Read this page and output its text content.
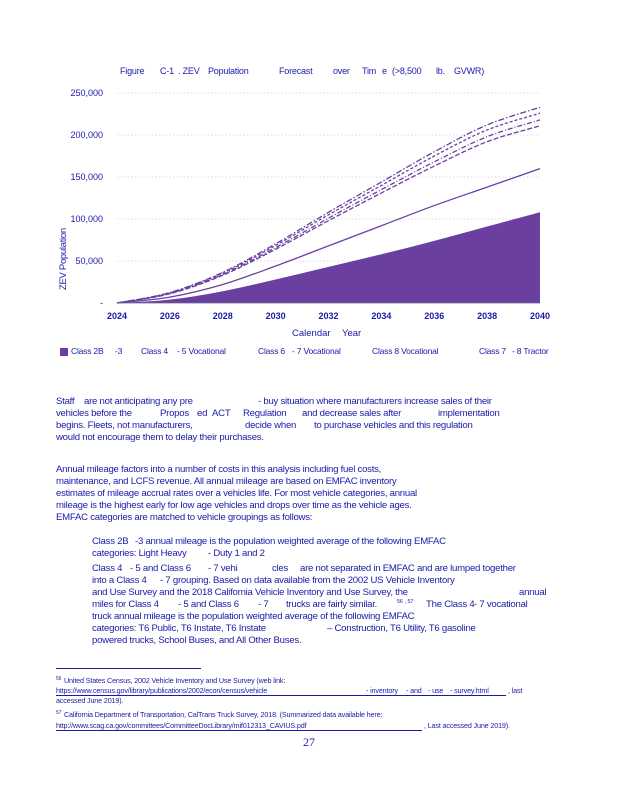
Figure C-1 . ZEV Population	Forecast over Tim e (>8,500 lb. GVWR)
-
50,000
100,000
150,000
200,000
250,000
2024	2026	2028	2030	2032	2034	2036	2038	2040
ZEV Population
Calendar Year
Class 2B -3 Class 4 - 5 Vocational	Class 6 - 7 Vocational	Class 8 Vocational	Class 7 - 8 Tractor
Staff are not anticipating any pre	- buy situation where manufacturers increase sales of their
vehicles before the	Propos ed ACT Regulation and decrease sales after	implementation
begins. Fleets, not manufacturers,	decide when to purchase vehicles and this regulation
would not encourage them to delay their purchases.
Annual mileage factors into a number of costs in this analysis including fuel costs,
maintenance, and LCFS revenue. All annual mileage are based on EMFAC inventory
estimates of mileage accrual rates over a vehicles life. For most vehicle categories, annual
mileage is the highest early for low age vehicles and drops over time as the vehicle ages.
EMFAC categories are matched to vehicle groupings as follows:
Class 2B -3 annual mileage is the population weighted average of the following EMFAC
categories: Light Heavy - Duty 1 and 2
Class 4 - 5 and Class 6 - 7 vehi	cles are not separated in EMFAC and are lumped together
into a Class 4 - 7 grouping. Based on data available from the 2002 US Vehicle Inventory
and Use Survey and the 2018 California Vehicle Inventory and Use Survey, the	annual
miles for Class 4 - 5 and Class 6 - 7 trucks are fairly similar.	56 , 57 The Class 4 - 7 vocational
truck annual mileage is the population weighted average of the following EMFAC
categories: T6 Public, T6 Instate, T6 Instate	– Construction, T6 Utility, T6 gasoline
powered trucks, School Buses, and All Other Buses.
56 United States Census, 2002 Vehicle Inventory and Use Survey (web link:
https://www.census.gov/library/publications/2002/econ/census/vehicle	- inventory - and - use - survey.html	, last
accessed June 2019).
57 California Department of Transportation, CalTrans Truck Survey, 2018. (Summarized data available here:
http://www.scag.ca.gov/committees/CommitteeDocLibrary/mif012313_CAVIUS.pdf	, Last accessed June 2019).
27
